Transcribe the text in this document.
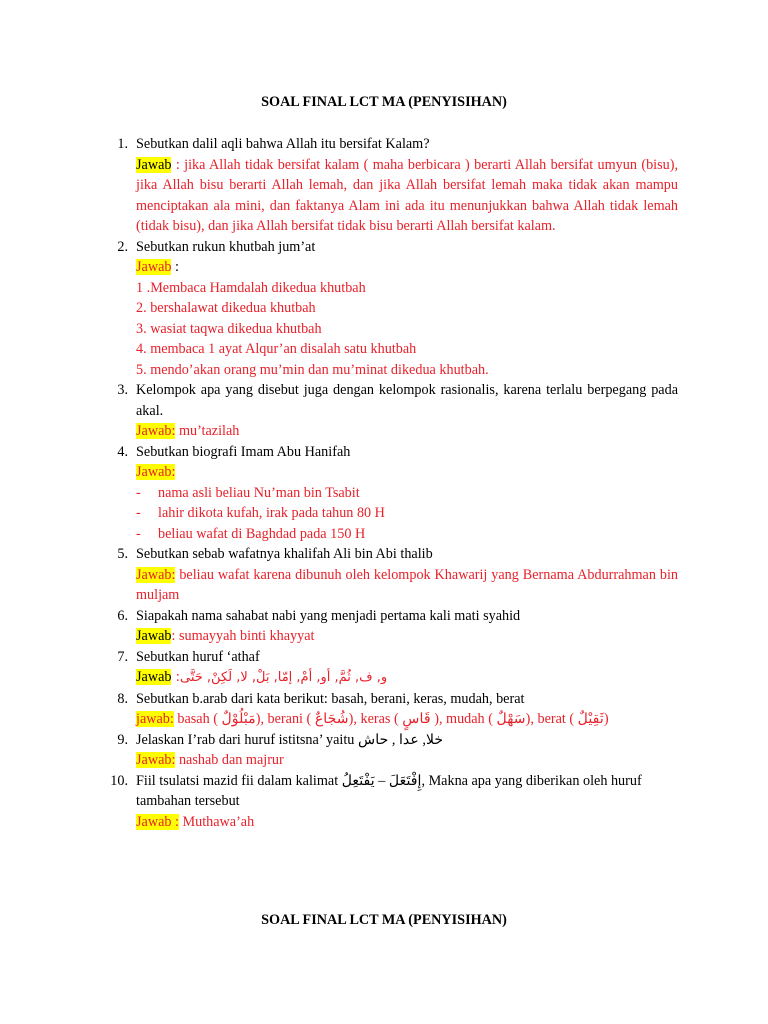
SOAL FINAL LCT MA (PENYISIHAN)
1. Sebutkan dalil aqli bahwa Allah itu bersifat Kalam?
Jawab : jika Allah tidak bersifat kalam ( maha berbicara ) berarti Allah bersifat umyun (bisu), jika Allah bisu berarti Allah lemah, dan jika Allah bersifat lemah maka tidak akan mampu menciptakan ala mini, dan faktanya Alam ini ada itu menunjukkan bahwa Allah tidak lemah (tidak bisu), dan jika Allah bersifat tidak bisu berarti Allah bersifat kalam.
2. Sebutkan rukun khutbah jum’at
Jawab :
1 .Membaca Hamdalah dikedua khutbah
2. bershalawat dikedua khutbah
3. wasiat taqwa dikedua khutbah
4. membaca 1 ayat Alqur’an disalah satu khutbah
5. mendo’akan orang mu’min dan mu’minat dikedua khutbah.
3. Kelompok apa yang disebut juga dengan kelompok rasionalis, karena terlalu berpegang pada akal.
Jawab: mu’tazilah
4. Sebutkan biografi Imam Abu Hanifah
Jawab:
- nama asli beliau Nu’man bin Tsabit
- lahir dikota kufah, irak pada tahun 80 H
- beliau wafat di Baghdad pada 150 H
5. Sebutkan sebab wafatnya khalifah Ali bin Abi thalib
Jawab: beliau wafat karena dibunuh oleh kelompok Khawarij yang Bernama Abdurrahman bin muljam
6. Siapakah nama sahabat nabi yang menjadi pertama kali mati syahid
Jawab: sumayyah binti khayyat
7. Sebutkan huruf ‘athaf
Jawab :و, ف, ثُمَّ, أو, أمْ, إمّا, بَلْ, لا, لَكِنْ, حَتَّى
8. Sebutkan b.arab dari kata berikut: basah, berani, keras, mudah, berat
jawab: basah ( مَبْلُوْلٌ), berani ( شُجَاعٌ), keras ( قَاسٍ ), mudah ( سَهْلٌ), berat ( ثَقِيْلٌ)
9. Jelaskan I’rab dari huruf istitsna’ yaitu خلا, عدا , حاش
Jawab: nashab dan majrur
10. Fiil tsulatsi mazid fii dalam kalimat إِفْتَعَلَ – يَفْتَعِلُ, Makna apa yang diberikan oleh huruf tambahan tersebut
Jawab : Muthawa’ah
SOAL FINAL LCT MA (PENYISIHAN)
